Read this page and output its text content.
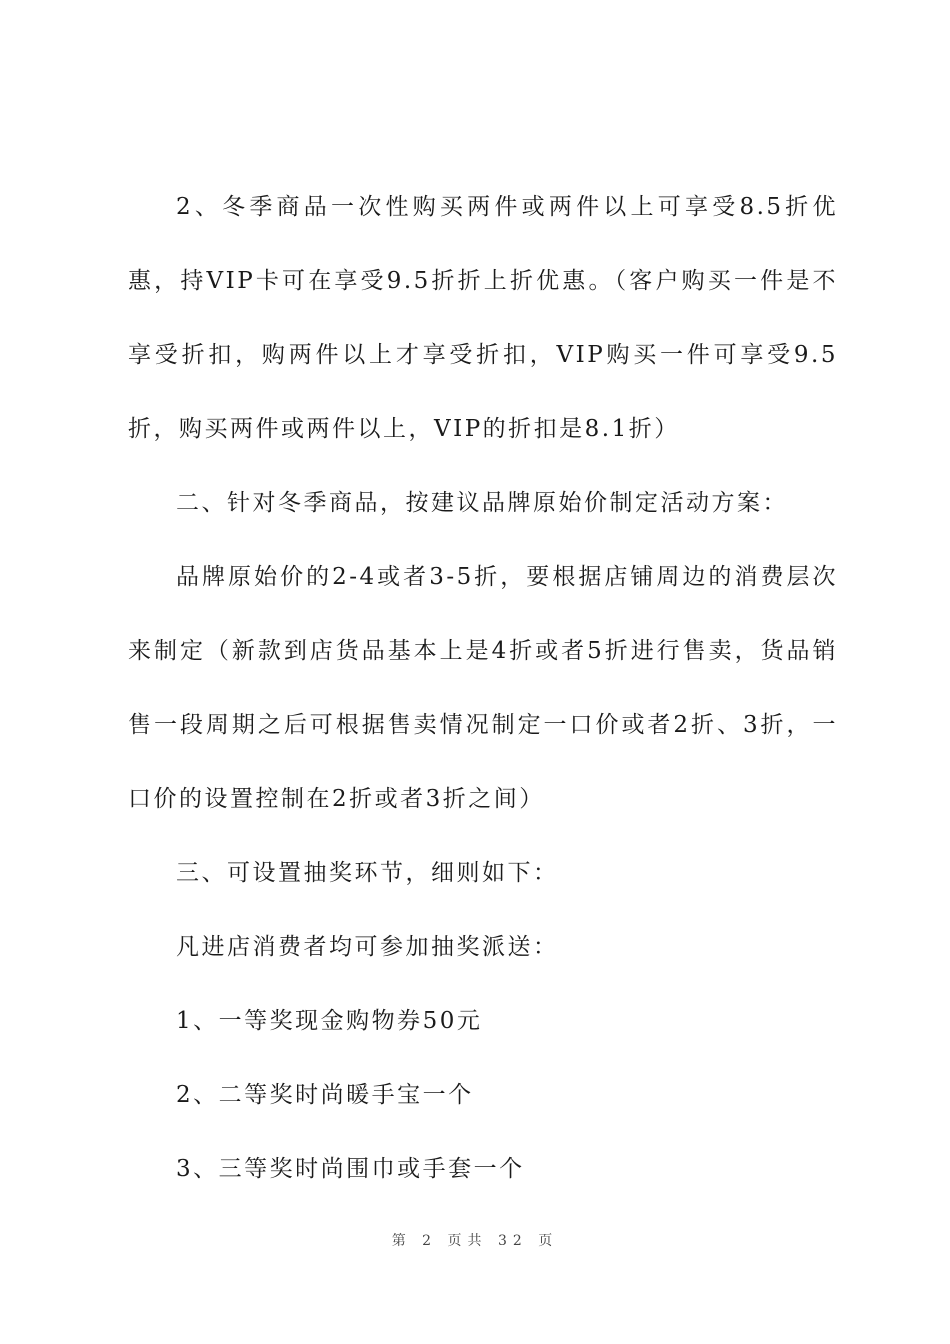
2、冬季商品一次性购买两件或两件以上可享受8.5折优惠，持VIP卡可在享受9.5折折上折优惠。（客户购买一件是不享受折扣，购两件以上才享受折扣，VIP购买一件可享受9.5折，购买两件或两件以上，VIP的折扣是8.1折）

二、针对冬季商品，按建议品牌原始价制定活动方案：

品牌原始价的2-4或者3-5折，要根据店铺周边的消费层次来制定（新款到店货品基本上是4折或者5折进行售卖，货品销售一段周期之后可根据售卖情况制定一口价或者2折、3折，一口价的设置控制在2折或者3折之间）

三、可设置抽奖环节，细则如下：

凡进店消费者均可参加抽奖派送：

1、一等奖现金购物券50元

2、二等奖时尚暖手宝一个

3、三等奖时尚围巾或手套一个

第 2 页共 32 页
